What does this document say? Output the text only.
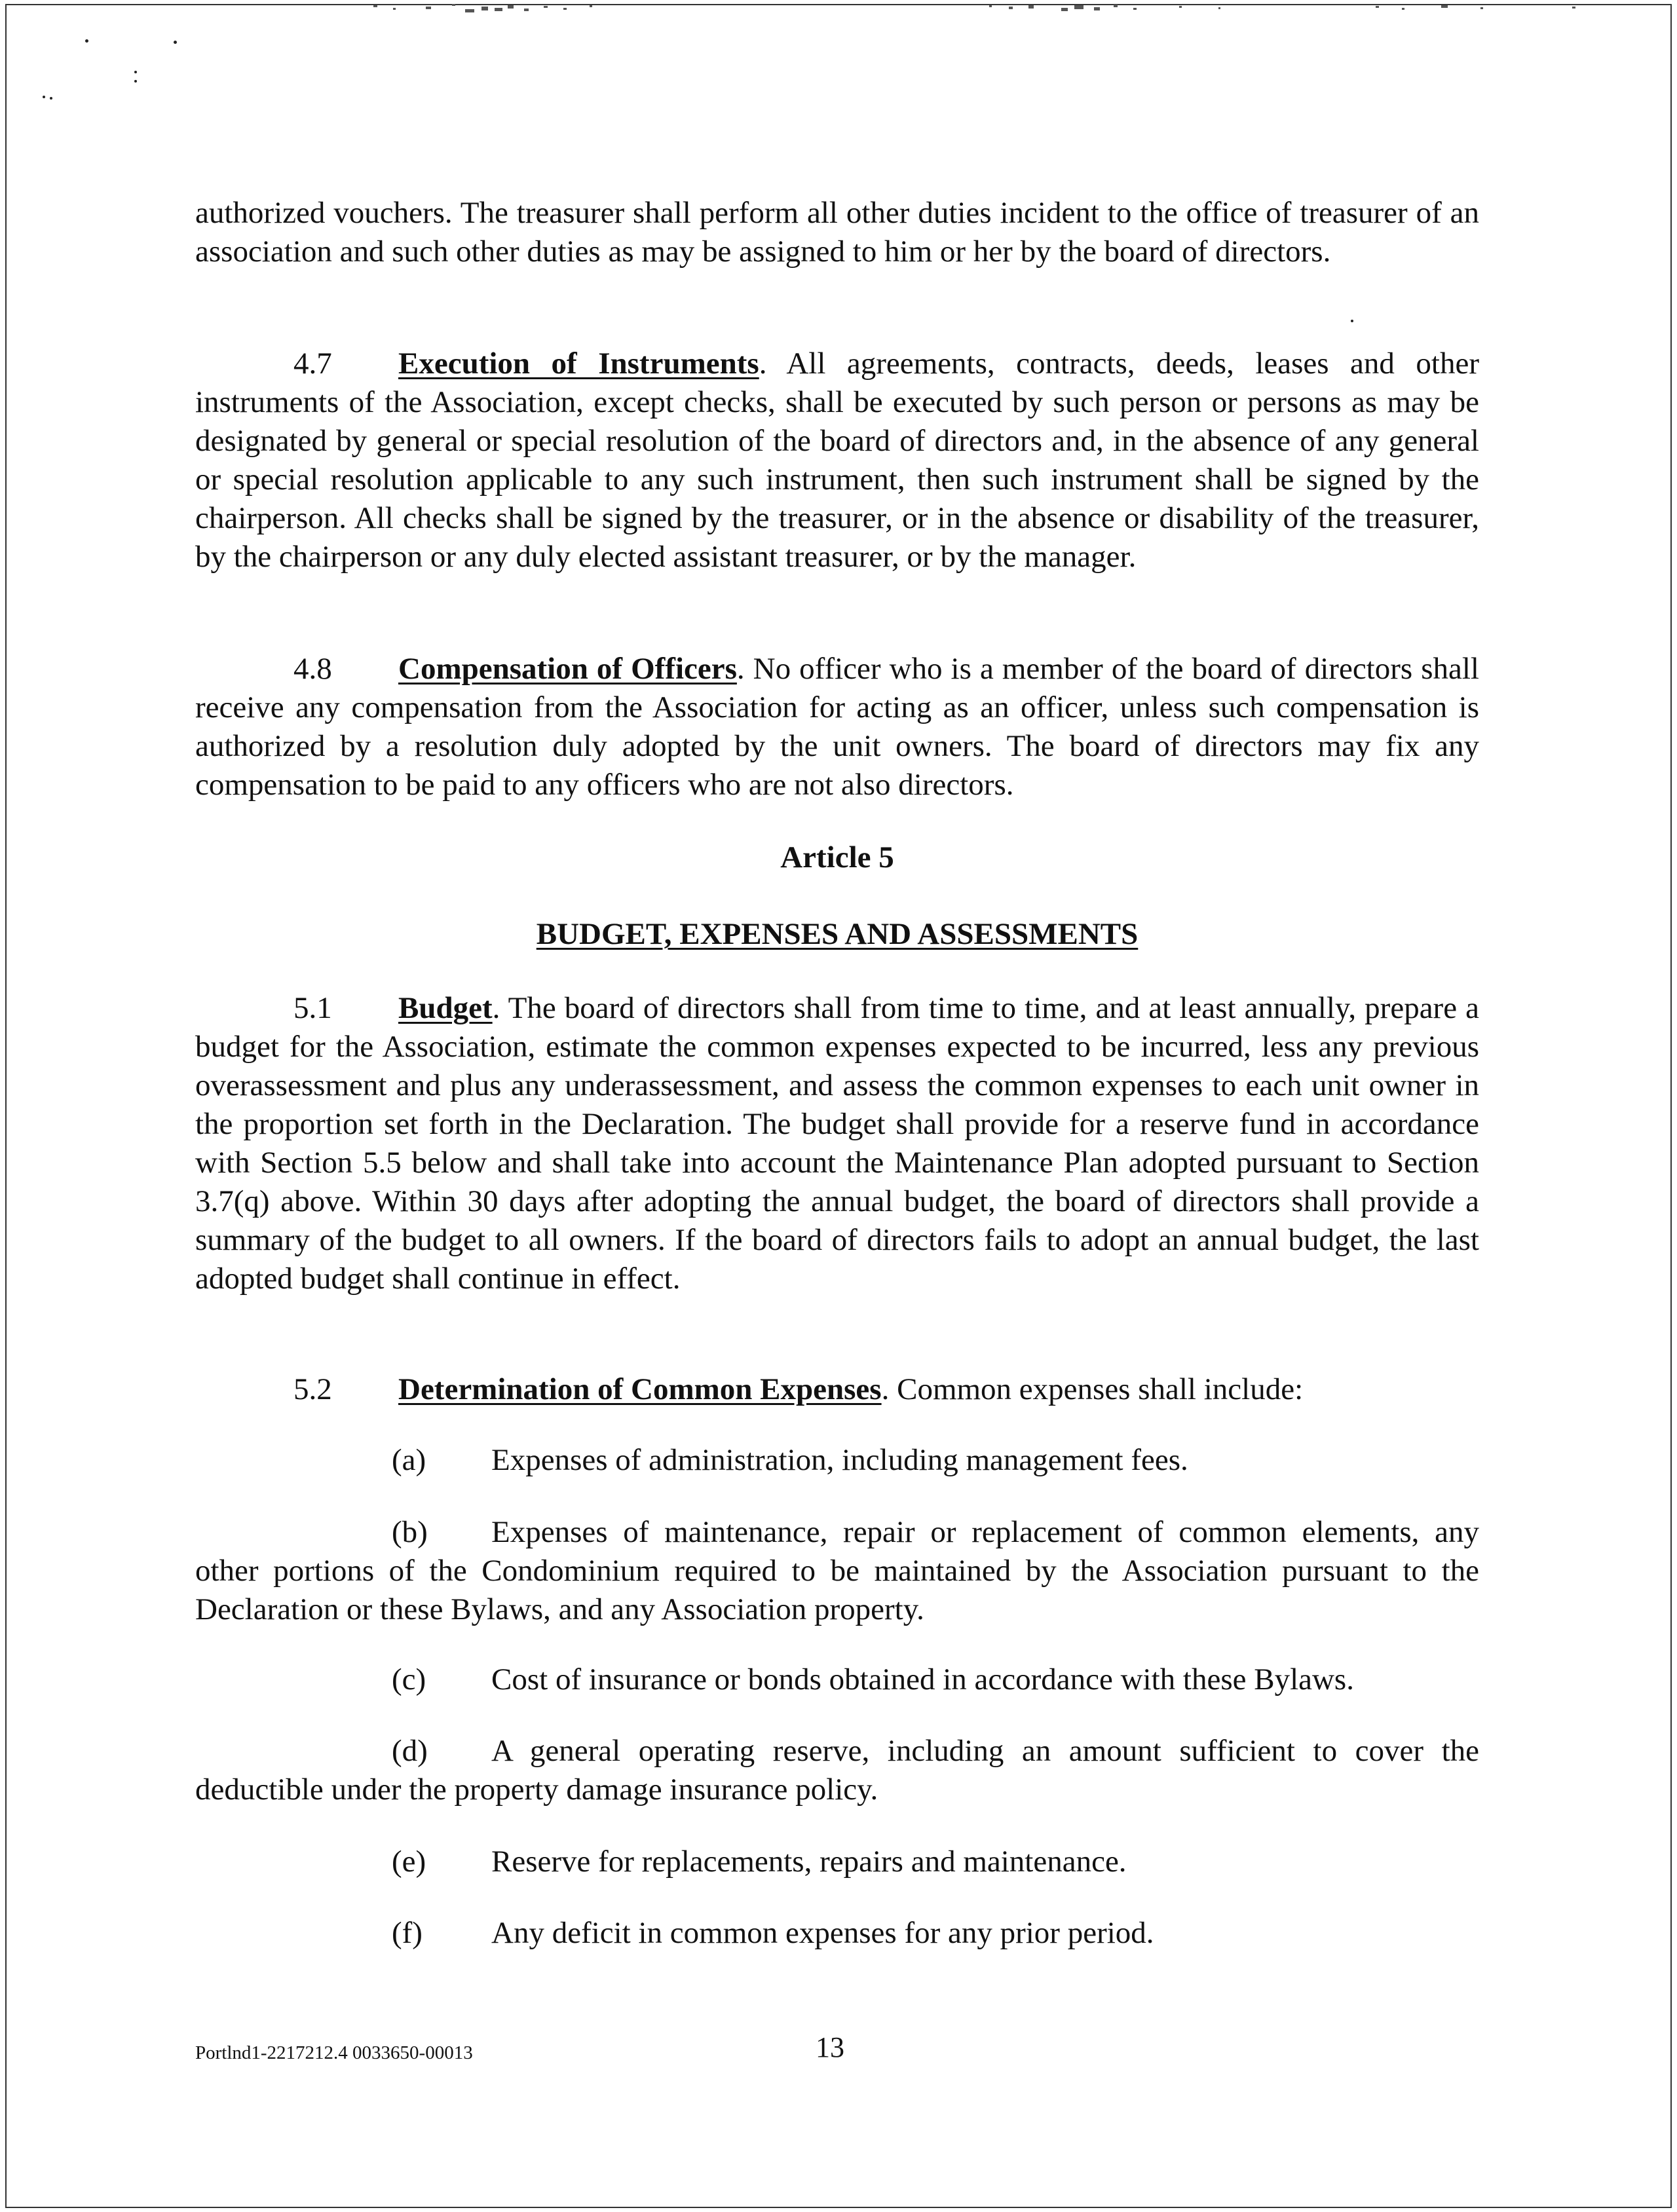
authorized vouchers. The treasurer shall perform all other duties incident to the office of treasurer of an association and such other duties as may be assigned to him or her by the board of directors.

4.7 Execution of Instruments. All agreements, contracts, deeds, leases and other instruments of the Association, except checks, shall be executed by such person or persons as may be designated by general or special resolution of the board of directors and, in the absence of any general or special resolution applicable to any such instrument, then such instrument shall be signed by the chairperson. All checks shall be signed by the treasurer, or in the absence or disability of the treasurer, by the chairperson or any duly elected assistant treasurer, or by the manager.

4.8 Compensation of Officers. No officer who is a member of the board of directors shall receive any compensation from the Association for acting as an officer, unless such compensation is authorized by a resolution duly adopted by the unit owners. The board of directors may fix any compensation to be paid to any officers who are not also directors.

Article 5

BUDGET, EXPENSES AND ASSESSMENTS

5.1 Budget. The board of directors shall from time to time, and at least annually, prepare a budget for the Association, estimate the common expenses expected to be incurred, less any previous overassessment and plus any underassessment, and assess the common expenses to each unit owner in the proportion set forth in the Declaration. The budget shall provide for a reserve fund in accordance with Section 5.5 below and shall take into account the Maintenance Plan adopted pursuant to Section 3.7(q) above. Within 30 days after adopting the annual budget, the board of directors shall provide a summary of the budget to all owners. If the board of directors fails to adopt an annual budget, the last adopted budget shall continue in effect.

5.2 Determination of Common Expenses. Common expenses shall include:

(a) Expenses of administration, including management fees.

(b) Expenses of maintenance, repair or replacement of common elements, any other portions of the Condominium required to be maintained by the Association pursuant to the Declaration or these Bylaws, and any Association property.

(c) Cost of insurance or bonds obtained in accordance with these Bylaws.

(d) A general operating reserve, including an amount sufficient to cover the deductible under the property damage insurance policy.

(e) Reserve for replacements, repairs and maintenance.

(f) Any deficit in common expenses for any prior period.

Portlnd1-2217212.4 0033650-00013	13
